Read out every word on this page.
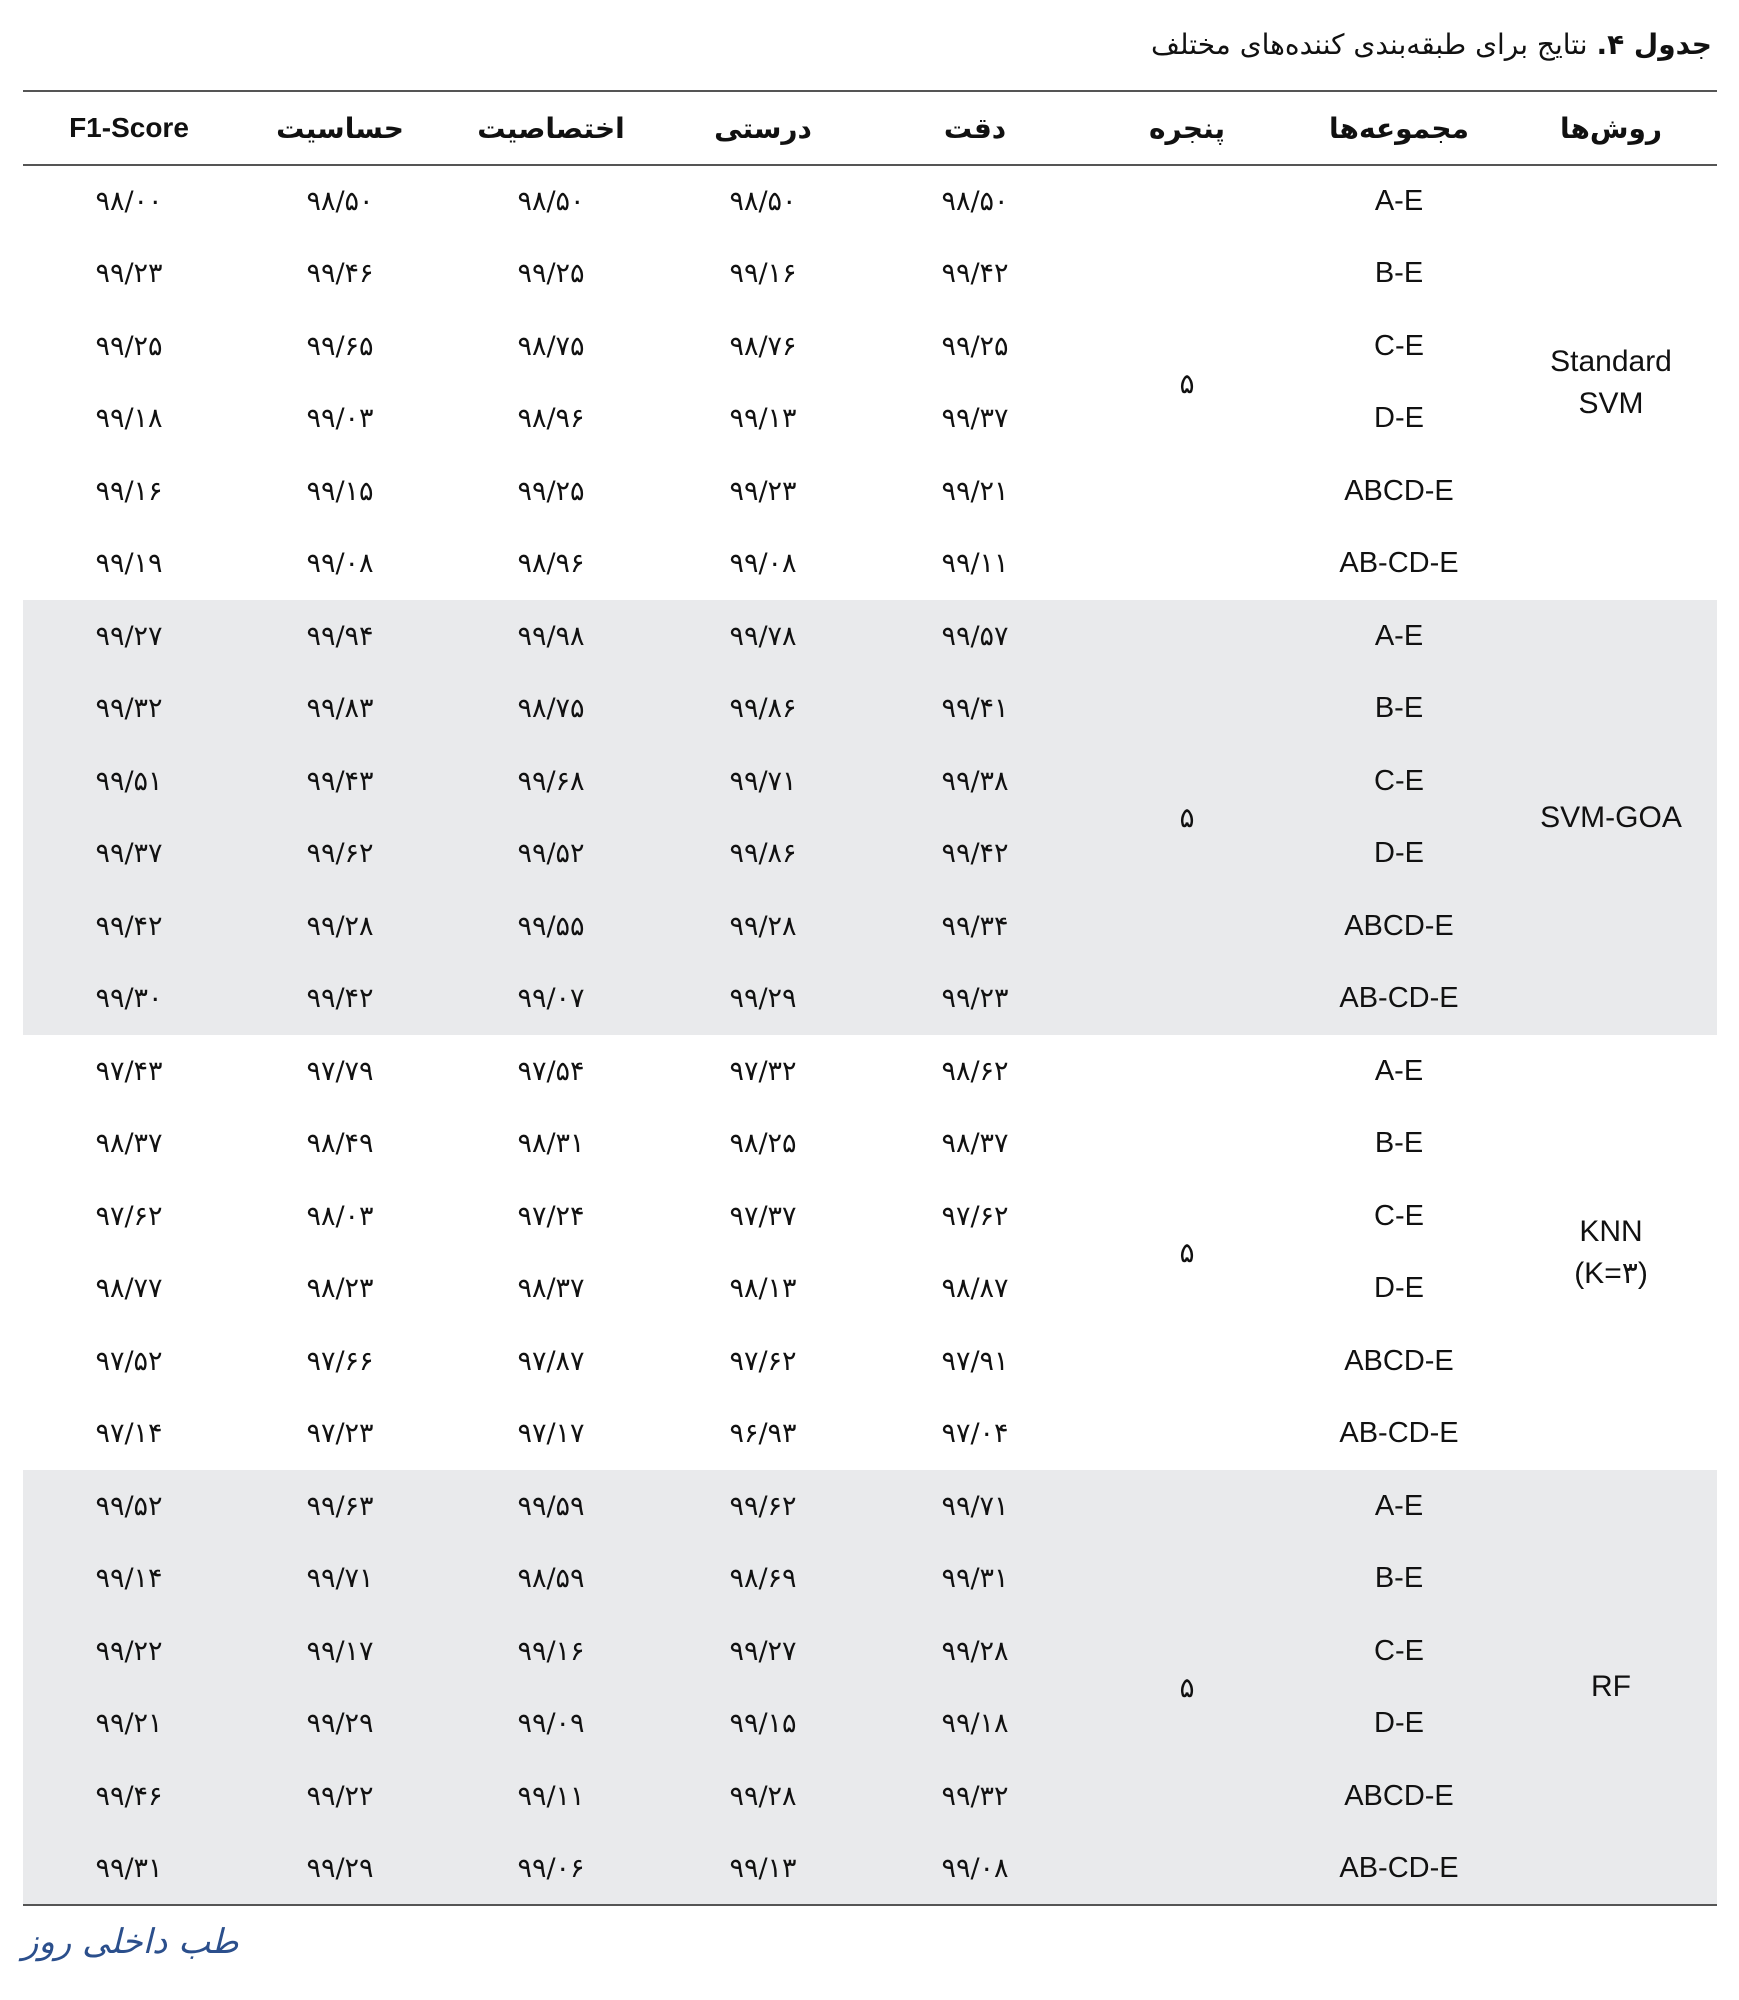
جدول ۴. نتایج برای طبقه‌بندی کننده‌های مختلف
روش‌ها	مجموعه‌ها	پنجره	دقت	درستی	اختصاصیت	حساسیت	F1-Score
Standard
SVM	A-E	۵	۹۸/۵۰	۹۸/۵۰	۹۸/۵۰	۹۸/۵۰	۹۸/۰۰
	B-E		۹۹/۴۲	۹۹/۱۶	۹۹/۲۵	۹۹/۴۶	۹۹/۲۳
	C-E		۹۹/۲۵	۹۸/۷۶	۹۸/۷۵	۹۹/۶۵	۹۹/۲۵
	D-E		۹۹/۳۷	۹۹/۱۳	۹۸/۹۶	۹۹/۰۳	۹۹/۱۸
	ABCD-E		۹۹/۲۱	۹۹/۲۳	۹۹/۲۵	۹۹/۱۵	۹۹/۱۶
	AB-CD-E		۹۹/۱۱	۹۹/۰۸	۹۸/۹۶	۹۹/۰۸	۹۹/۱۹
SVM-GOA	A-E	۵	۹۹/۵۷	۹۹/۷۸	۹۹/۹۸	۹۹/۹۴	۹۹/۲۷
	B-E		۹۹/۴۱	۹۹/۸۶	۹۸/۷۵	۹۹/۸۳	۹۹/۳۲
	C-E		۹۹/۳۸	۹۹/۷۱	۹۹/۶۸	۹۹/۴۳	۹۹/۵۱
	D-E		۹۹/۴۲	۹۹/۸۶	۹۹/۵۲	۹۹/۶۲	۹۹/۳۷
	ABCD-E		۹۹/۳۴	۹۹/۲۸	۹۹/۵۵	۹۹/۲۸	۹۹/۴۲
	AB-CD-E		۹۹/۲۳	۹۹/۲۹	۹۹/۰۷	۹۹/۴۲	۹۹/۳۰
KNN
(K=۳)	A-E	۵	۹۸/۶۲	۹۷/۳۲	۹۷/۵۴	۹۷/۷۹	۹۷/۴۳
	B-E		۹۸/۳۷	۹۸/۲۵	۹۸/۳۱	۹۸/۴۹	۹۸/۳۷
	C-E		۹۷/۶۲	۹۷/۳۷	۹۷/۲۴	۹۸/۰۳	۹۷/۶۲
	D-E		۹۸/۸۷	۹۸/۱۳	۹۸/۳۷	۹۸/۲۳	۹۸/۷۷
	ABCD-E		۹۷/۹۱	۹۷/۶۲	۹۷/۸۷	۹۷/۶۶	۹۷/۵۲
	AB-CD-E		۹۷/۰۴	۹۶/۹۳	۹۷/۱۷	۹۷/۲۳	۹۷/۱۴
RF	A-E	۵	۹۹/۷۱	۹۹/۶۲	۹۹/۵۹	۹۹/۶۳	۹۹/۵۲
	B-E		۹۹/۳۱	۹۸/۶۹	۹۸/۵۹	۹۹/۷۱	۹۹/۱۴
	C-E		۹۹/۲۸	۹۹/۲۷	۹۹/۱۶	۹۹/۱۷	۹۹/۲۲
	D-E		۹۹/۱۸	۹۹/۱۵	۹۹/۰۹	۹۹/۲۹	۹۹/۲۱
	ABCD-E		۹۹/۳۲	۹۹/۲۸	۹۹/۱۱	۹۹/۲۲	۹۹/۴۶
	AB-CD-E		۹۹/۰۸	۹۹/۱۳	۹۹/۰۶	۹۹/۲۹	۹۹/۳۱
طب داخلی روز
